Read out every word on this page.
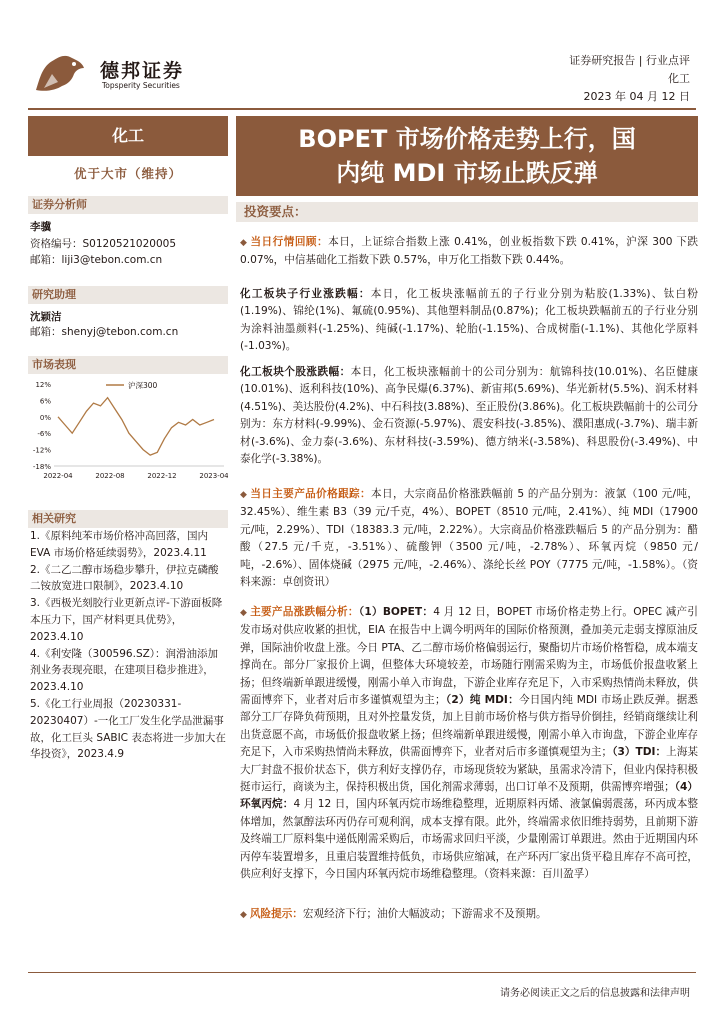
德邦证券
Topsperity Securities
证券研究报告 | 行业点评
化工
2023 年 04 月 12 日
化工
优于大市（维持）
证券分析师
李骥
资格编号：S0120521020005
邮箱：liji3@tebon.com.cn
研究助理
沈颖洁
邮箱：shenyj@tebon.com.cn
市场表现
12%
6%
0%
-6%
-12%
-18%
2022-04	2022-08	2022-12	2023-04
沪深300
相关研究
1.《原料纯苯市场价格冲高回落，国内 EVA 市场价格延续弱势》，2023.4.11
2.《二乙二醇市场稳步攀升，伊拉克磷酸二铵放宽进口限制》，2023.4.10
3.《西极光刻胶行业更新点评-下游面板降本压力下，国产材料更具优势》，2023.4.10
4.《利安隆（300596.SZ）：润滑油添加剂业务表现亮眼，在建项目稳步推进》，2023.4.10
5.《化工行业周报（20230331-20230407）-一化工厂发生化学品泄漏事故，化工巨头 SABIC 表态将进一步加大在华投资》，2023.4.9
BOPET 市场价格走势上行，国
内纯 MDI 市场止跌反弹
投资要点：
◆ 当日行情回顾：本日，上证综合指数上涨 0.41%，创业板指数下跌 0.41%，沪深 300 下跌 0.07%，中信基础化工指数下跌 0.57%，申万化工指数下跌 0.44%。
化工板块子行业涨跌幅：本日，化工板块涨幅前五的子行业分别为粘胶(1.33%)、钛白粉(1.19%)、锦纶(1%)、氟硫(0.95%)、其他塑料制品(0.87%)；化工板块跌幅前五的子行业分别为涂料油墨颜料(-1.25%)、纯碱(-1.17%)、轮胎(-1.15%)、合成树脂(-1.1%)、其他化学原料(-1.03%)。
化工板块个股涨跌幅：本日，化工板块涨幅前十的公司分别为：航锦科技(10.01%)、名臣健康(10.01%)、返利科技(10%)、高争民爆(6.37%)、新宙邦(5.69%)、华光新材(5.5%)、润禾材料(4.51%)、美达股份(4.2%)、中石科技(3.88%)、至正股份(3.86%)。化工板块跌幅前十的公司分别为：东方材料(-9.99%)、金石资源(-5.97%)、震安科技(-3.85%)、濮阳惠成(-3.7%)、瑞丰新材(-3.6%)、金力泰(-3.6%)、东材科技(-3.59%)、德方纳米(-3.58%)、科思股份(-3.49%)、中泰化学(-3.38%)。
◆ 当日主要产品价格跟踪：本日，大宗商品价格涨跌幅前 5 的产品分别为：液氯（100 元/吨，32.45%）、维生素 B3（39 元/千克，4%）、BOPET（8510 元/吨，2.41%）、纯 MDI（17900 元/吨，2.29%）、TDI（18383.3 元/吨，2.22%）。大宗商品价格涨跌幅后 5 的产品分别为：醋酸（27.5 元/千克，-3.51%）、硫酸钾（3500 元/吨，-2.78%）、环氧丙烷（9850 元/吨，-2.6%）、固体烧碱（2975 元/吨，-2.46%）、涤纶长丝 POY（7775 元/吨，-1.58%）。（资料来源：卓创资讯）
◆ 主要产品涨跌幅分析：（1）BOPET：4 月 12 日，BOPET 市场价格走势上行。OPEC 减产引发市场对供应收紧的担忧，EIA 在报告中上调今明两年的国际价格预测，叠加美元走弱支撑原油反弹，国际油价收盘上涨。今日 PTA、乙二醇市场价格偏弱运行，聚酯切片市场价格暂稳，成本端支撑尚在。部分厂家报价上调，但整体大环境较差，市场随行刚需采购为主，市场低价报盘收紧上扬；但终端新单跟进缓慢，刚需小单入市询盘，下游企业库存充足下，入市采购热情尚未释放，供需面博弈下，业者对后市多谨慎观望为主；（2）纯 MDI：今日国内纯 MDI 市场止跌反弹。据悉部分工厂存降负荷预期，且对外控量发货，加上目前市场价格与供方指导价倒挂，经销商继续让利出货意愿不高，市场低价报盘收紧上扬；但终端新单跟进缓慢，刚需小单入市询盘，下游企业库存充足下，入市采购热情尚未释放，供需面博弈下，业者对后市多谨慎观望为主；（3）TDI：上海某大厂封盘不报价状态下，供方利好支撑仍存，市场现货较为紧缺，虽需求冷清下，但业内保持积极挺市运行，商谈为主，保持积极出货，国化剂需求薄弱，出口订单不及预期，供需博弈增强；（4）环氧丙烷：4 月 12 日，国内环氧丙烷市场维稳整理，近期原料丙烯、液氯偏弱震荡，环丙成本整体增加，然氯醇法环丙仍存可观利润，成本支撑有限。此外，终端需求依旧维持弱势，且前期下游及终端工厂原料集中递低刚需采购后，市场需求回归平淡，少量刚需订单跟进。然由于近期国内环丙停车装置增多，且重启装置维持低负，市场供应缩减，在产环丙厂家出货平稳且库存不高可控，供应利好支撑下，今日国内环氧丙烷市场维稳整理。（资料来源：百川盈孚）
◆ 风险提示：宏观经济下行；油价大幅波动；下游需求不及预期。
请务必阅读正文之后的信息披露和法律声明
